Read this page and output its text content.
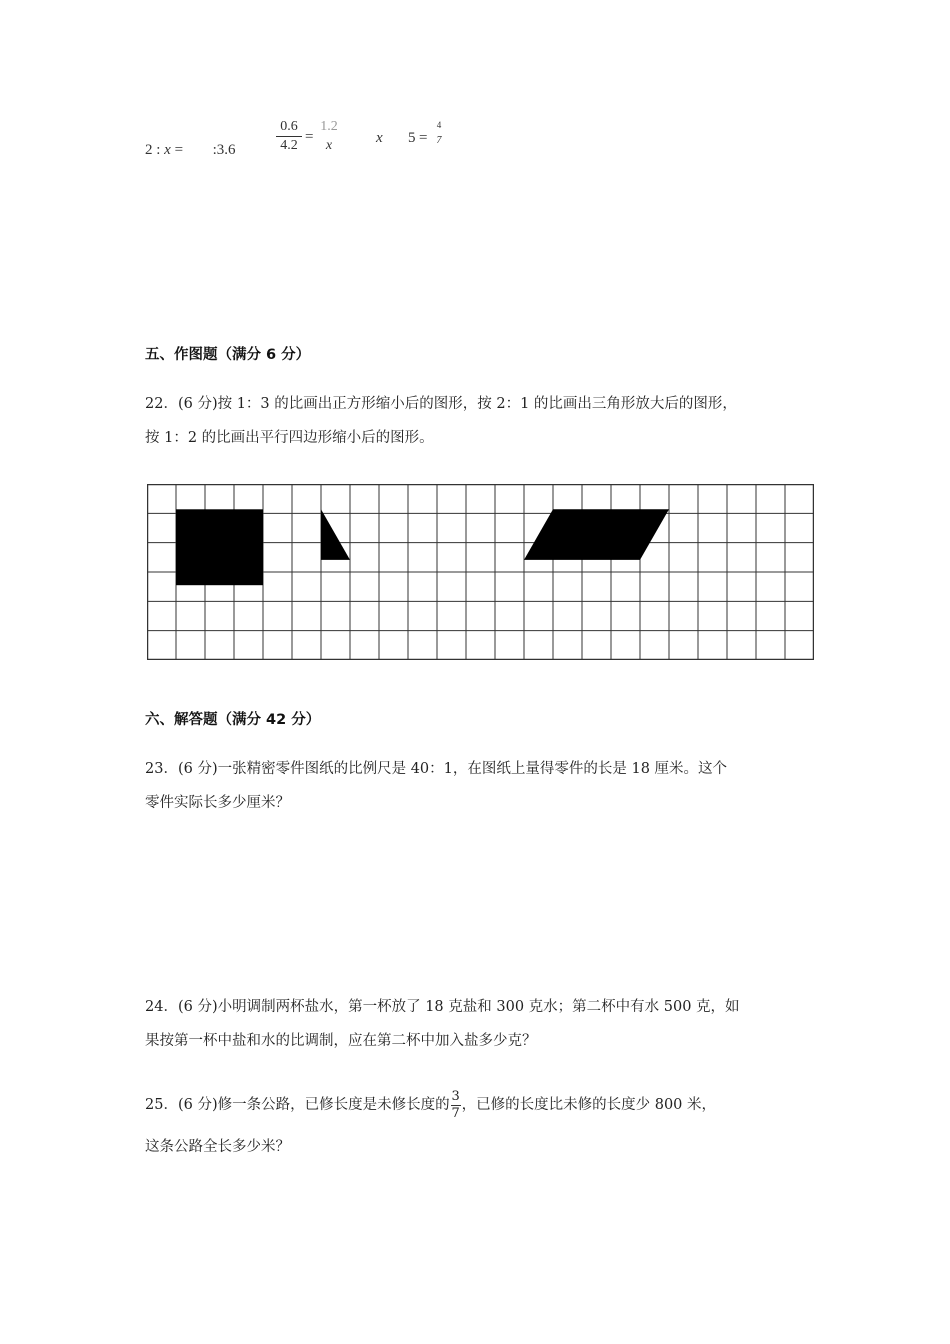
2 : x = :3.6
0.6
4.2
=
1.2
x	x 5 =
4
7
五、作图题（满分 6 分）
22．(6 分)按 1：3 的比画出正方形缩小后的图形，按 2：1 的比画出三角形放大后的图形，
按 1：2 的比画出平行四边形缩小后的图形。
六、解答题（满分 42 分）
23．(6 分)一张精密零件图纸的比例尺是 40：1，在图纸上量得零件的长是 18 厘米。这个
零件实际长多少厘米？
24．(6 分)小明调制两杯盐水，第一杯放了 18 克盐和 300 克水；第二杯中有水 500 克，如
果按第一杯中盐和水的比调制，应在第二杯中加入盐多少克？
25．(6 分)修一条公路，已修长度是未修长度的 $\frac{3}{7}$ ，已修的长度比未修的长度少 800 米，
这条公路全长多少米？
